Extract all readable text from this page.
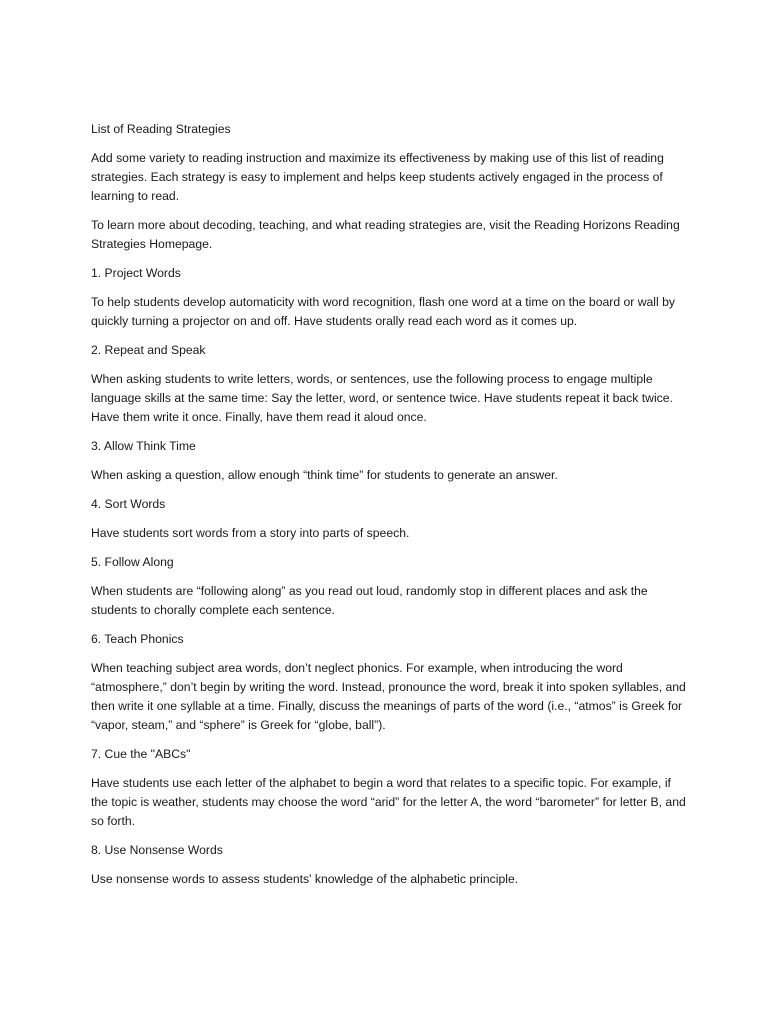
List of Reading Strategies

Add some variety to reading instruction and maximize its effectiveness by making use of this list of reading strategies. Each strategy is easy to implement and helps keep students actively engaged in the process of learning to read.

To learn more about decoding, teaching, and what reading strategies are, visit the Reading Horizons Reading Strategies Homepage.

1. Project Words

To help students develop automaticity with word recognition, flash one word at a time on the board or wall by quickly turning a projector on and off. Have students orally read each word as it comes up.

2. Repeat and Speak

When asking students to write letters, words, or sentences, use the following process to engage multiple language skills at the same time: Say the letter, word, or sentence twice. Have students repeat it back twice. Have them write it once. Finally, have them read it aloud once.

3. Allow Think Time

When asking a question, allow enough “think time” for students to generate an answer.

4. Sort Words

Have students sort words from a story into parts of speech.

5. Follow Along

When students are “following along” as you read out loud, randomly stop in different places and ask the students to chorally complete each sentence.

6. Teach Phonics

When teaching subject area words, don’t neglect phonics. For example, when introducing the word “atmosphere,” don’t begin by writing the word. Instead, pronounce the word, break it into spoken syllables, and then write it one syllable at a time. Finally, discuss the meanings of parts of the word (i.e., “atmos” is Greek for “vapor, steam,” and “sphere” is Greek for “globe, ball”).

7. Cue the "ABCs"

Have students use each letter of the alphabet to begin a word that relates to a specific topic. For example, if the topic is weather, students may choose the word “arid” for the letter A, the word “barometer” for letter B, and so forth.

8. Use Nonsense Words

Use nonsense words to assess students' knowledge of the alphabetic principle.
